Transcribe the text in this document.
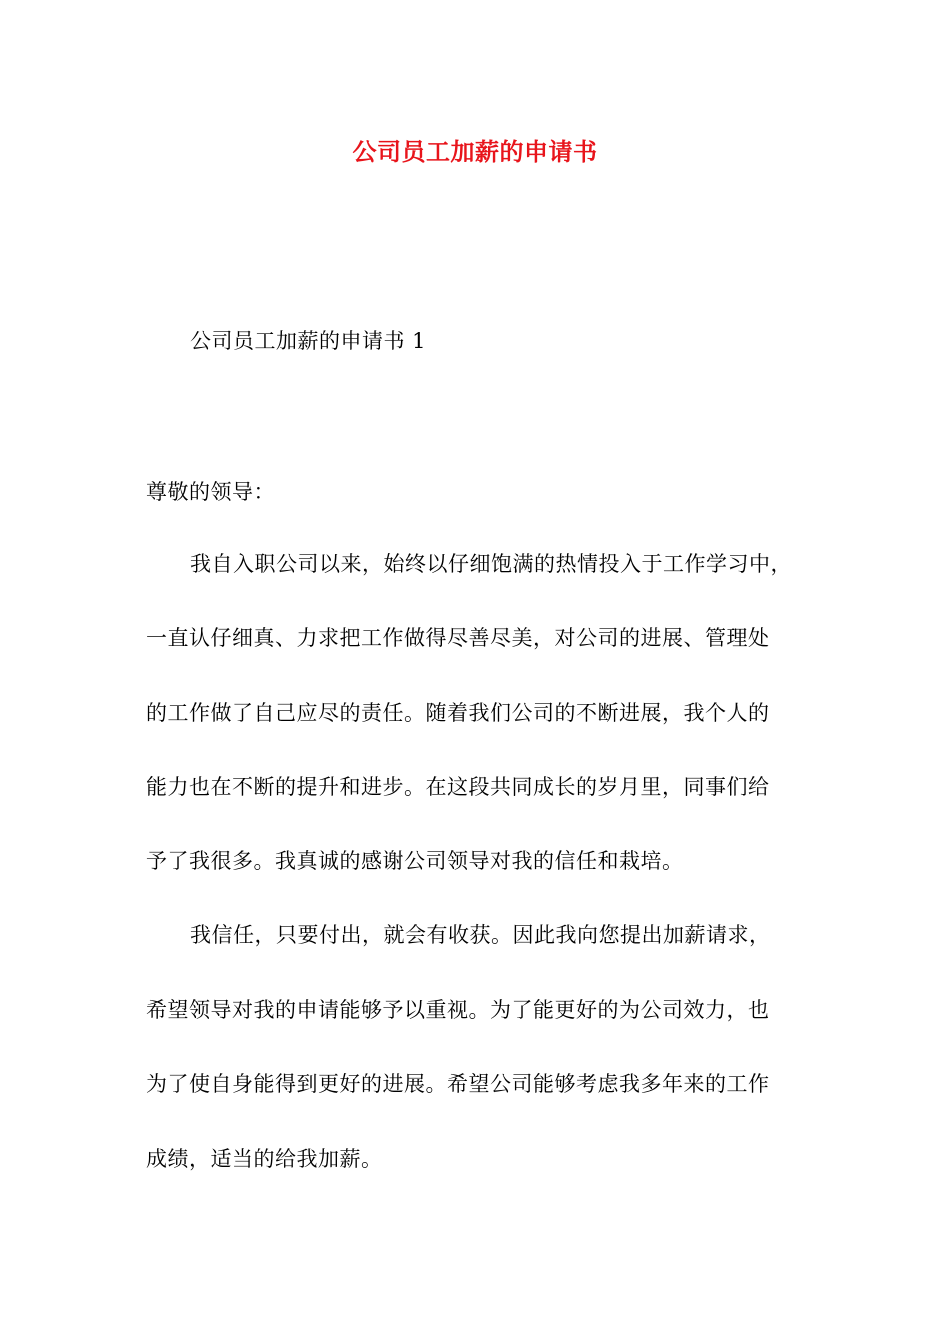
公司员工加薪的申请书
公司员工加薪的申请书 1
尊敬的领导：
我自入职公司以来，始终以仔细饱满的热情投入于工作学习中，
一直认仔细真、力求把工作做得尽善尽美，对公司的进展、管理处
的工作做了自己应尽的责任。随着我们公司的不断进展，我个人的
能力也在不断的提升和进步。在这段共同成长的岁月里，同事们给
予了我很多。我真诚的感谢公司领导对我的信任和栽培。
我信任，只要付出，就会有收获。因此我向您提出加薪请求，
希望领导对我的申请能够予以重视。为了能更好的为公司效力，也
为了使自身能得到更好的进展。希望公司能够考虑我多年来的工作
成绩，适当的给我加薪。
